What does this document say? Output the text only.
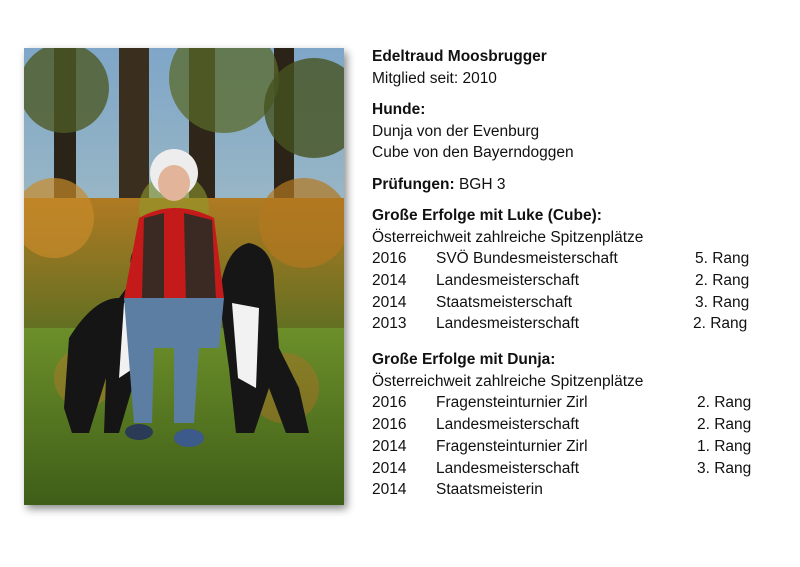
Edeltraud Moosbrugger

Mitglied seit: 2010

Hunde:

Dunja von der Evenburg

Cube von den Bayerndoggen

Prüfungen: BGH 3

Große Erfolge mit Luke (Cube):

Österreichweit zahlreiche Spitzenplätze

2016 SVÖ Bundesmeisterschaft	5. Rang
2014 Landesmeisterschaft	2. Rang
2014 Staatsmeisterschaft	3. Rang
2013 Landesmeisterschaft	2. Rang

Große Erfolge mit Dunja:

Österreichweit zahlreiche Spitzenplätze

2016 Fragensteinturnier Zirl	2. Rang
2016 Landesmeisterschaft	2. Rang
2014 Fragensteinturnier Zirl	1. Rang
2014 Landesmeisterschaft	3. Rang
2014 Staatsmeisterin
